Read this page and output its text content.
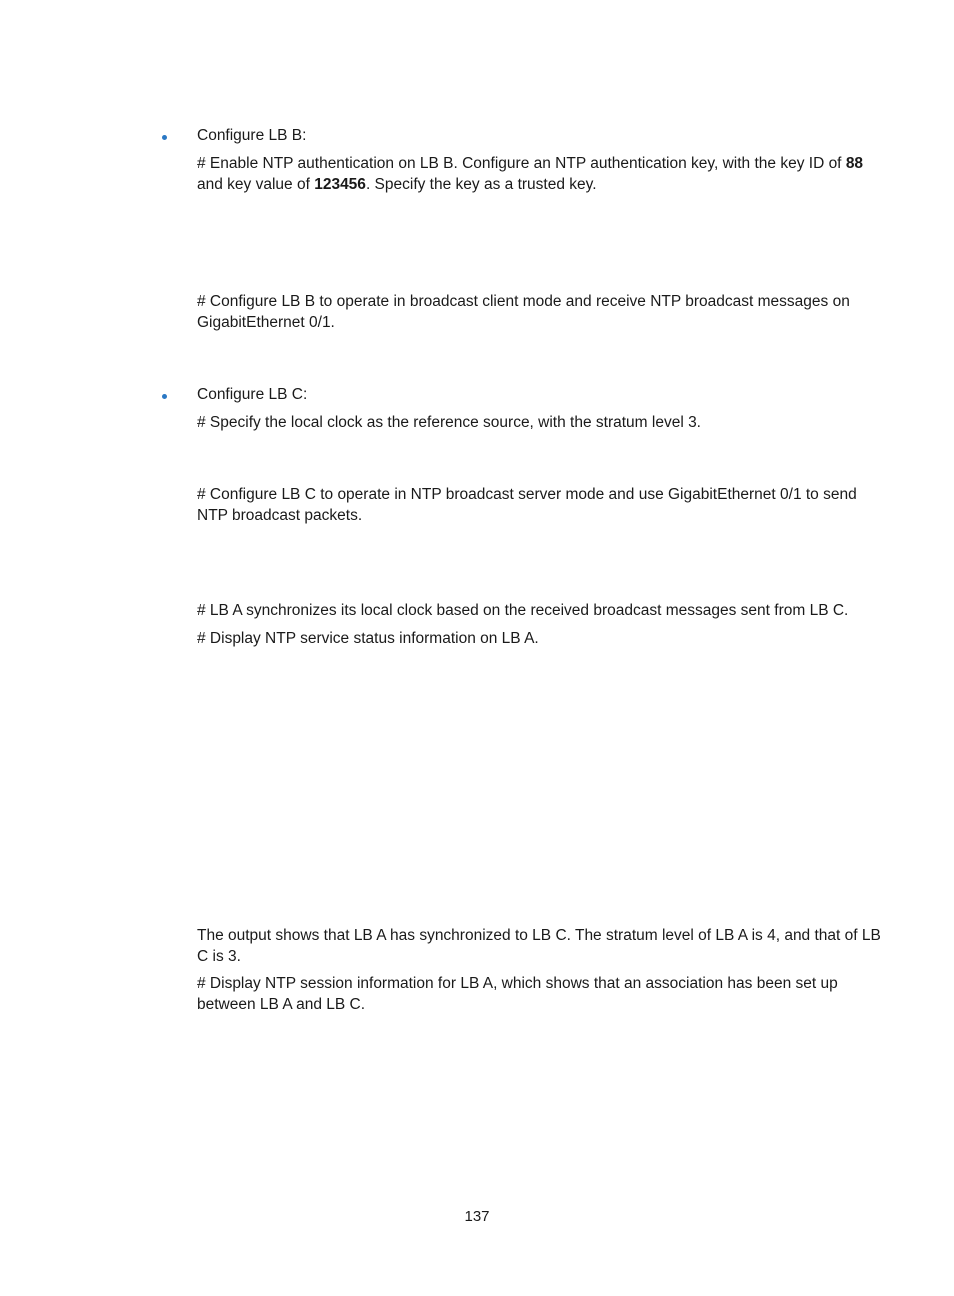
Configure LB B:
# Enable NTP authentication on LB B. Configure an NTP authentication key, with the key ID of 88
and key value of 123456. Specify the key as a trusted key.
# Configure LB B to operate in broadcast client mode and receive NTP broadcast messages on
GigabitEthernet 0/1.
Configure LB C:
# Specify the local clock as the reference source, with the stratum level 3.
# Configure LB C to operate in NTP broadcast server mode and use GigabitEthernet 0/1 to send
NTP broadcast packets.
# LB A synchronizes its local clock based on the received broadcast messages sent from LB C.
# Display NTP service status information on LB A.
The output shows that LB A has synchronized to LB C. The stratum level of LB A is 4, and that of LB
C is 3.
# Display NTP session information for LB A, which shows that an association has been set up
between LB A and LB C.
137
